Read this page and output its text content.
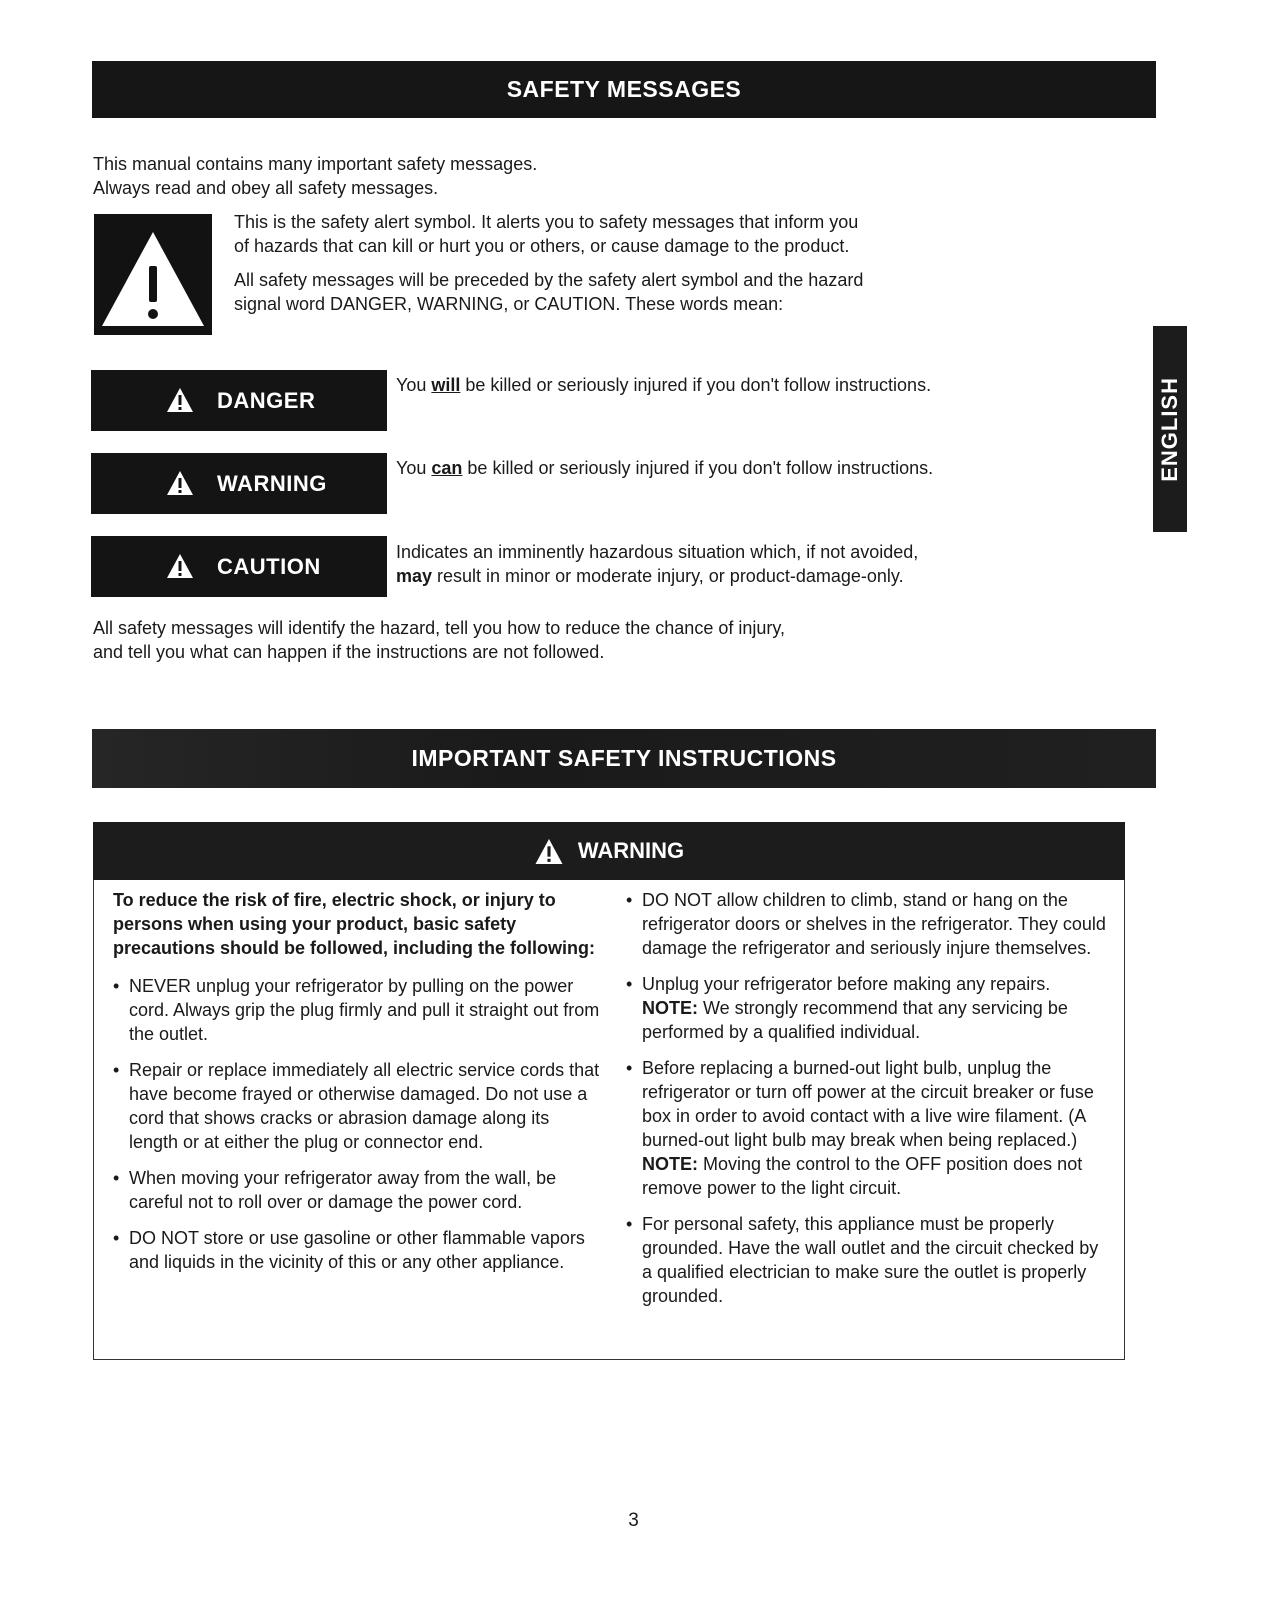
SAFETY MESSAGES
This manual contains many important safety messages.
Always read and obey all safety messages.
This is the safety alert symbol. It alerts you to safety messages that inform you
of hazards that can kill or hurt you or others, or cause damage to the product.
All safety messages will be preceded by the safety alert symbol and the hazard
signal word DANGER, WARNING, or CAUTION. These words mean:
DANGER
You will be killed or seriously injured if you don't follow instructions.
WARNING
You can be killed or seriously injured if you don't follow instructions.
CAUTION
Indicates an imminently hazardous situation which, if not avoided,
may result in minor or moderate injury, or product-damage-only.
All safety messages will identify the hazard, tell you how to reduce the chance of injury,
and tell you what can happen if the instructions are not followed.
IMPORTANT SAFETY INSTRUCTIONS
WARNING

To reduce the risk of fire, electric shock, or injury to persons when using your product, basic safety precautions should be followed, including the following:

• NEVER unplug your refrigerator by pulling on the power cord. Always grip the plug firmly and pull it straight out from the outlet.
• Repair or replace immediately all electric service cords that have become frayed or otherwise damaged. Do not use a cord that shows cracks or abrasion damage along its length or at either the plug or connector end.
• When moving your refrigerator away from the wall, be careful not to roll over or damage the power cord.
• DO NOT store or use gasoline or other flammable vapors and liquids in the vicinity of this or any other appliance.
• DO NOT allow children to climb, stand or hang on the refrigerator doors or shelves in the refrigerator. They could damage the refrigerator and seriously injure themselves.
• Unplug your refrigerator before making any repairs. NOTE: We strongly recommend that any servicing be performed by a qualified individual.
• Before replacing a burned-out light bulb, unplug the refrigerator or turn off power at the circuit breaker or fuse box in order to avoid contact with a live wire filament. (A burned-out light bulb may break when being replaced.) NOTE: Moving the control to the OFF position does not remove power to the light circuit.
• For personal safety, this appliance must be properly grounded. Have the wall outlet and the circuit checked by a qualified electrician to make sure the outlet is properly grounded.
ENGLISH
3
